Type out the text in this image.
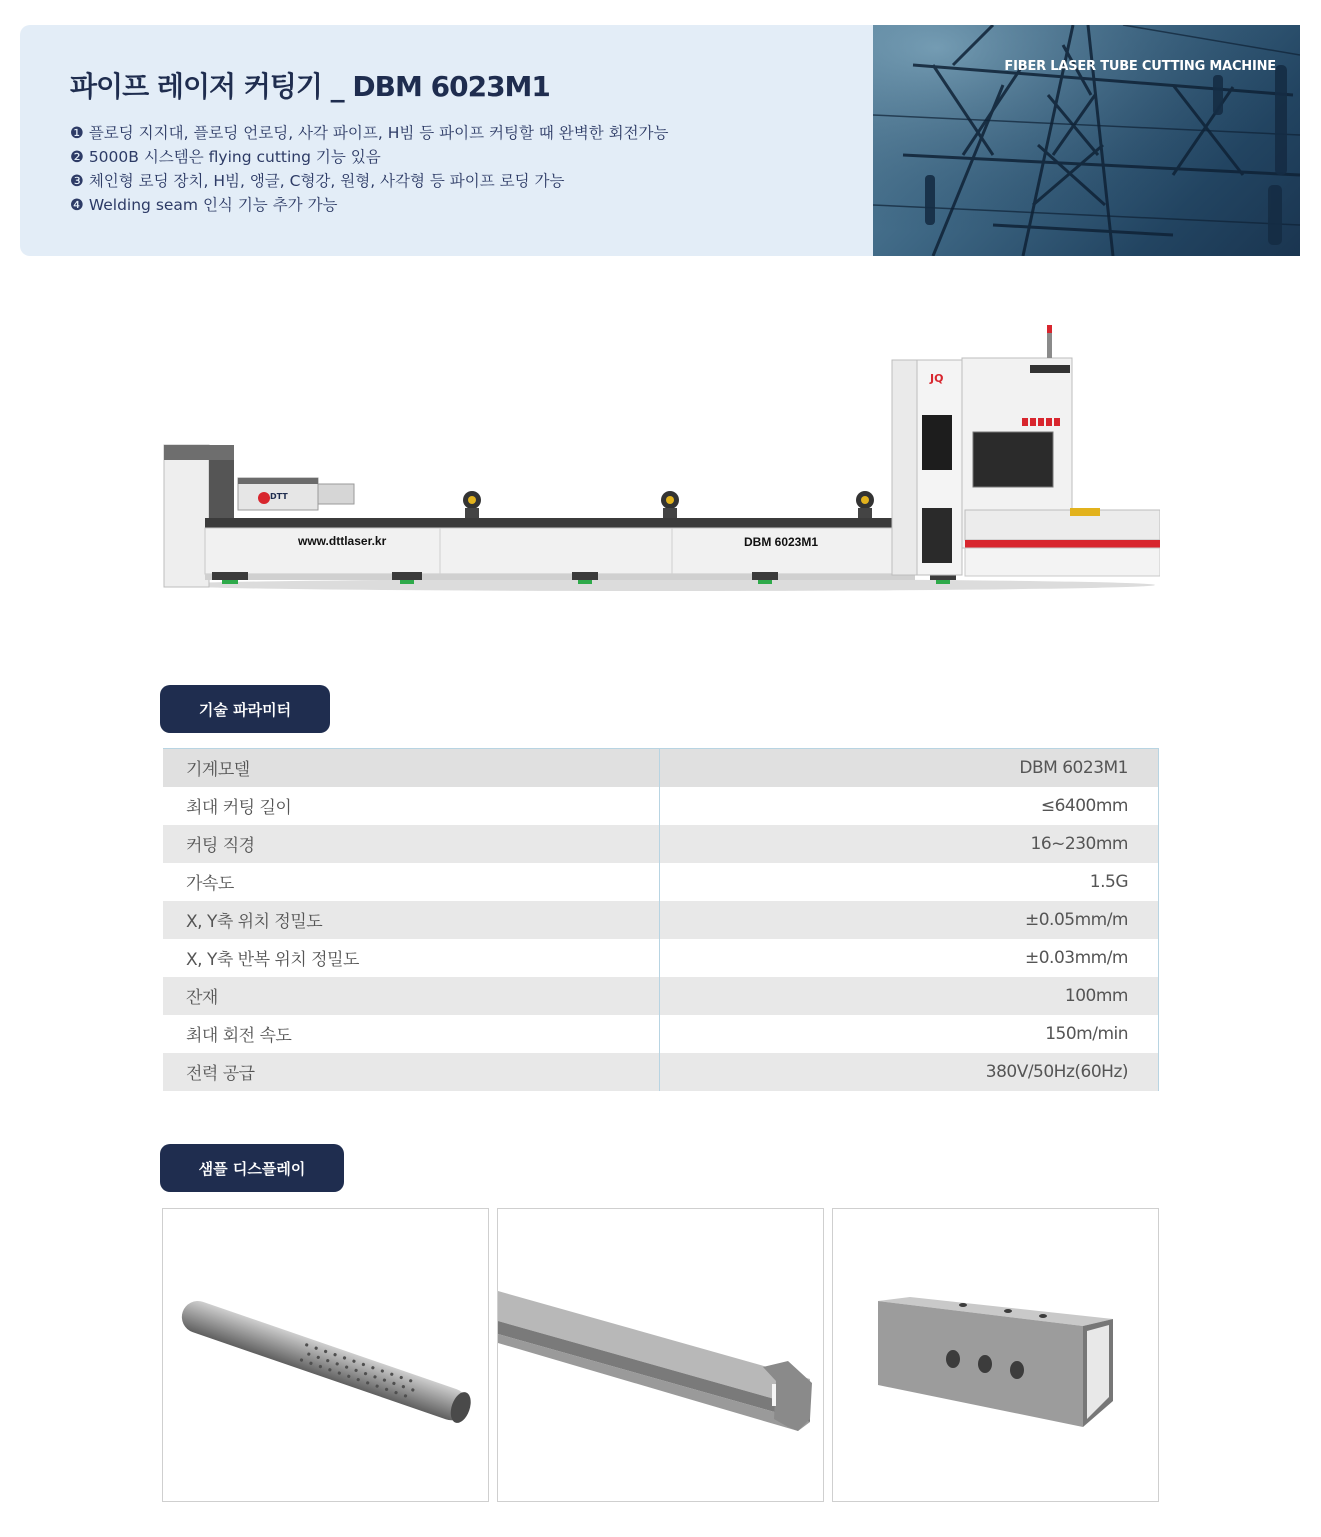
파이프 레이저 커팅기 _ DBM 6023M1
❶ 플로딩 지지대, 플로딩 언로딩, 사각 파이프, H빔 등 파이프 커팅할 때 완벽한 회전가능
❷ 5000B 시스템은 flying cutting 기능 있음
❸ 체인형 로딩 장치, H빔, 앵글, C형강, 원형, 사각형 등 파이프 로딩 가능
❹ Welding seam 인식 기능 추가 가능
FIBER LASER TUBE CUTTING MACHINE
www.dttlaser.kr	DBM 6023M1
JQ
DTT
기술 파라미터
기계모델	DBM 6023M1
최대 커팅 길이	≤6400mm
커팅 직경	16~230mm
가속도	1.5G
X, Y축 위치 정밀도	±0.05mm/m
X, Y축 반복 위치 정밀도	±0.03mm/m
잔재	100mm
최대 회전 속도	150m/min
전력 공급	380V/50Hz(60Hz)
샘플 디스플레이
